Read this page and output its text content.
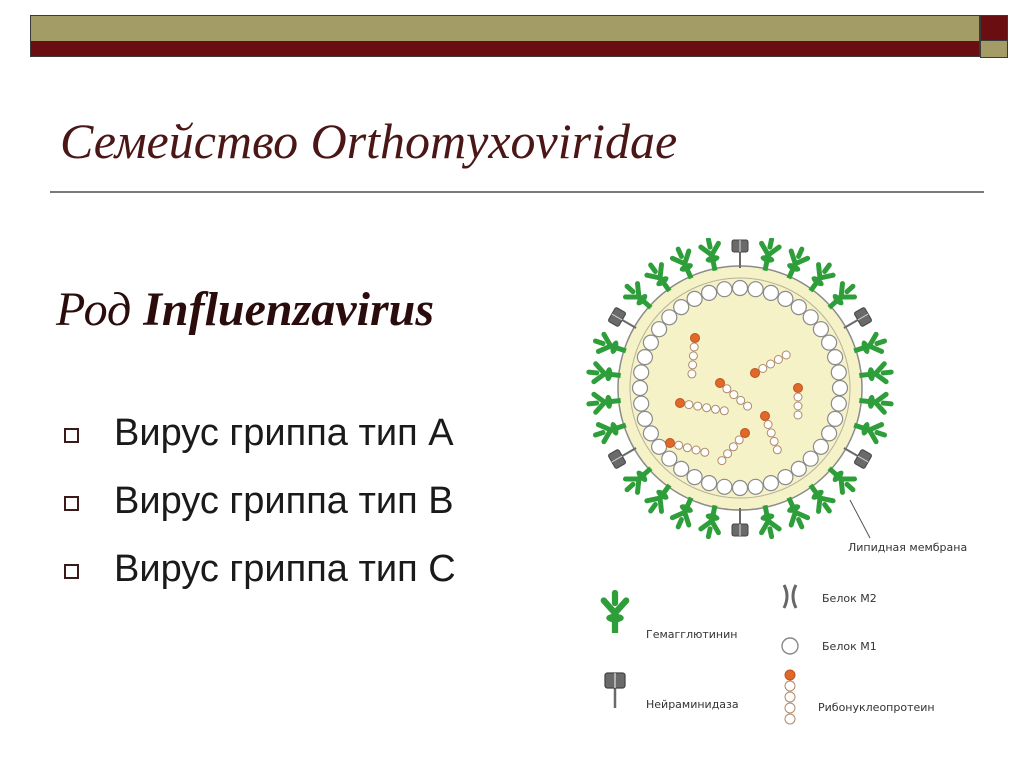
Семейство Orthomyxoviridae
Род Influenzavirus
Вирус гриппа тип А
Вирус гриппа тип В
Вирус гриппа тип С
Липидная мембрана
Гемагглютинин
Нейраминидаза
Белок М2
Белок М1
Рибонуклеопротеин
